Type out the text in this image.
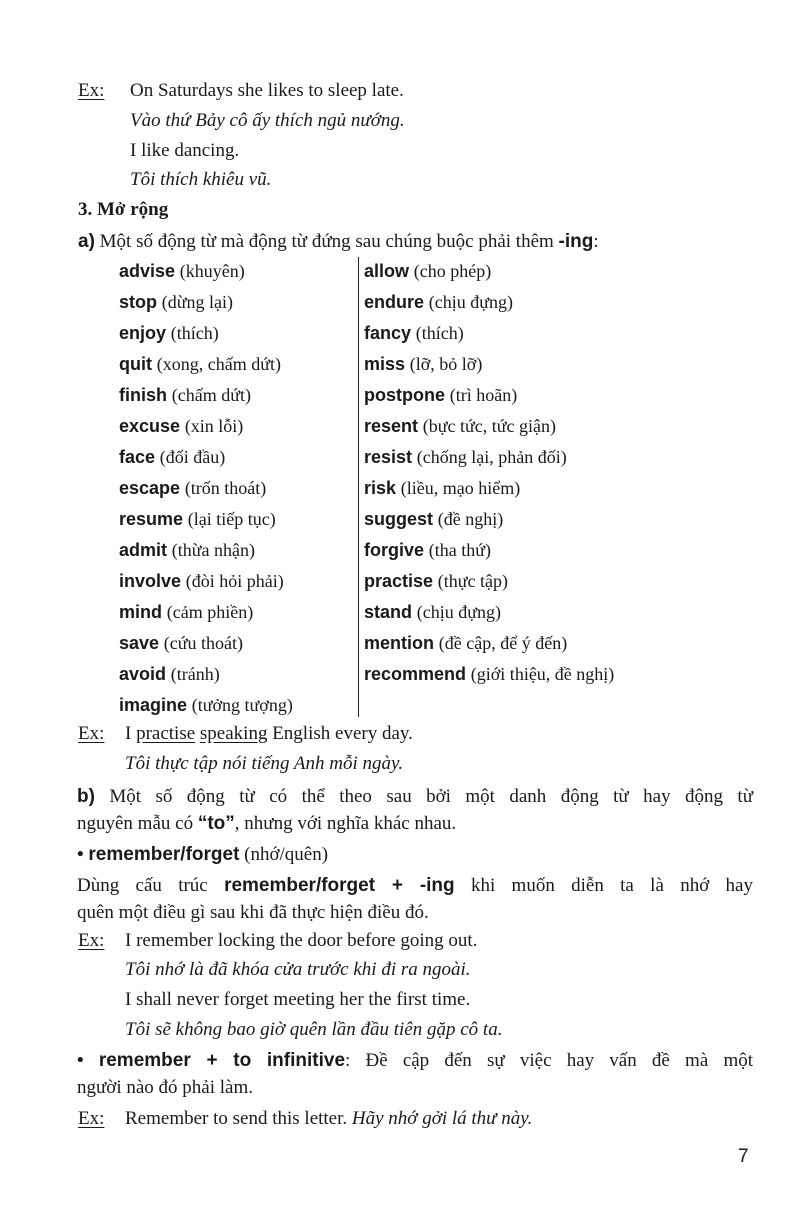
Ex: On Saturdays she likes to sleep late.
Vào thứ Bảy cô ấy thích ngủ nướng.
I like dancing.
Tôi thích khiêu vũ.
3. Mở rộng
a) Một số động từ mà động từ đứng sau chúng buộc phải thêm -ing:
advise (khuyên)
stop (dừng lại)
enjoy (thích)
quit (xong, chấm dứt)
finish (chấm dứt)
excuse (xin lỗi)
face (đối đầu)
escape (trốn thoát)
resume (lại tiếp tục)
admit (thừa nhận)
involve (đòi hỏi phải)
mind (cảm phiền)
save (cứu thoát)
avoid (tránh)
imagine (tưởng tượng)
allow (cho phép)
endure (chịu đựng)
fancy (thích)
miss (lỡ, bỏ lỡ)
postpone (trì hoãn)
resent (bực tức, tức giận)
resist (chống lại, phản đối)
risk (liều, mạo hiểm)
suggest (đề nghị)
forgive (tha thứ)
practise (thực tập)
stand (chịu đựng)
mention (đề cập, để ý đến)
recommend (giới thiệu, đề nghị)
Ex: I practise speaking English every day.
Tôi thực tập nói tiếng Anh mỗi ngày.
b) Một số động từ có thể theo sau bởi một danh động từ hay động từ
nguyên mẫu có “to”, nhưng với nghĩa khác nhau.
• remember/forget (nhớ/quên)
Dùng cấu trúc remember/forget + -ing khi muốn diễn ta là nhớ hay
quên một điều gì sau khi đã thực hiện điều đó.
Ex: I remember locking the door before going out.
Tôi nhớ là đã khóa cửa trước khi đi ra ngoài.
I shall never forget meeting her the first time.
Tôi sẽ không bao giờ quên lần đầu tiên gặp cô ta.
• remember + to infinitive: Đề cập đến sự việc hay vấn đề mà một
người nào đó phải làm.
Ex: Remember to send this letter. Hãy nhớ gởi lá thư này.
7
